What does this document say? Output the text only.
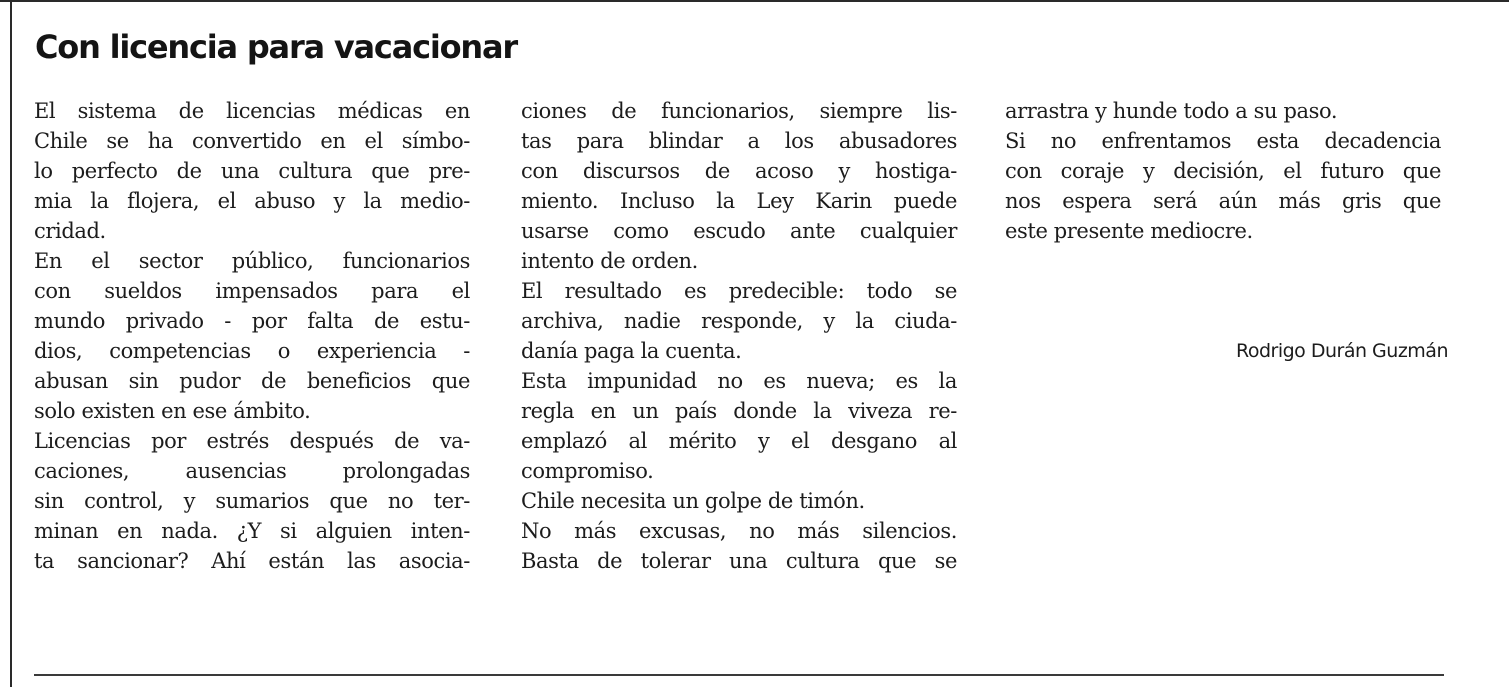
Con licencia para vacacionar
El sistema de licencias médicas en
Chile se ha convertido en el símbo-
lo perfecto de una cultura que pre-
mia la flojera, el abuso y la medio-
cridad.
En el sector público, funcionarios
con sueldos impensados para el
mundo privado - por falta de estu-
dios, competencias o experiencia -
abusan sin pudor de beneficios que
solo existen en ese ámbito.
Licencias por estrés después de va-
caciones, ausencias prolongadas
sin control, y sumarios que no ter-
minan en nada. ¿Y si alguien inten-
ta sancionar? Ahí están las asocia-
ciones de funcionarios, siempre lis-
tas para blindar a los abusadores
con discursos de acoso y hostiga-
miento. Incluso la Ley Karin puede
usarse como escudo ante cualquier
intento de orden.
El resultado es predecible: todo se
archiva, nadie responde, y la ciuda-
danía paga la cuenta.
Esta impunidad no es nueva; es la
regla en un país donde la viveza re-
emplazó al mérito y el desgano al
compromiso.
Chile necesita un golpe de timón.
No más excusas, no más silencios.
Basta de tolerar una cultura que se
arrastra y hunde todo a su paso.
Si no enfrentamos esta decadencia
con coraje y decisión, el futuro que
nos espera será aún más gris que
este presente mediocre.
Rodrigo Durán Guzmán
